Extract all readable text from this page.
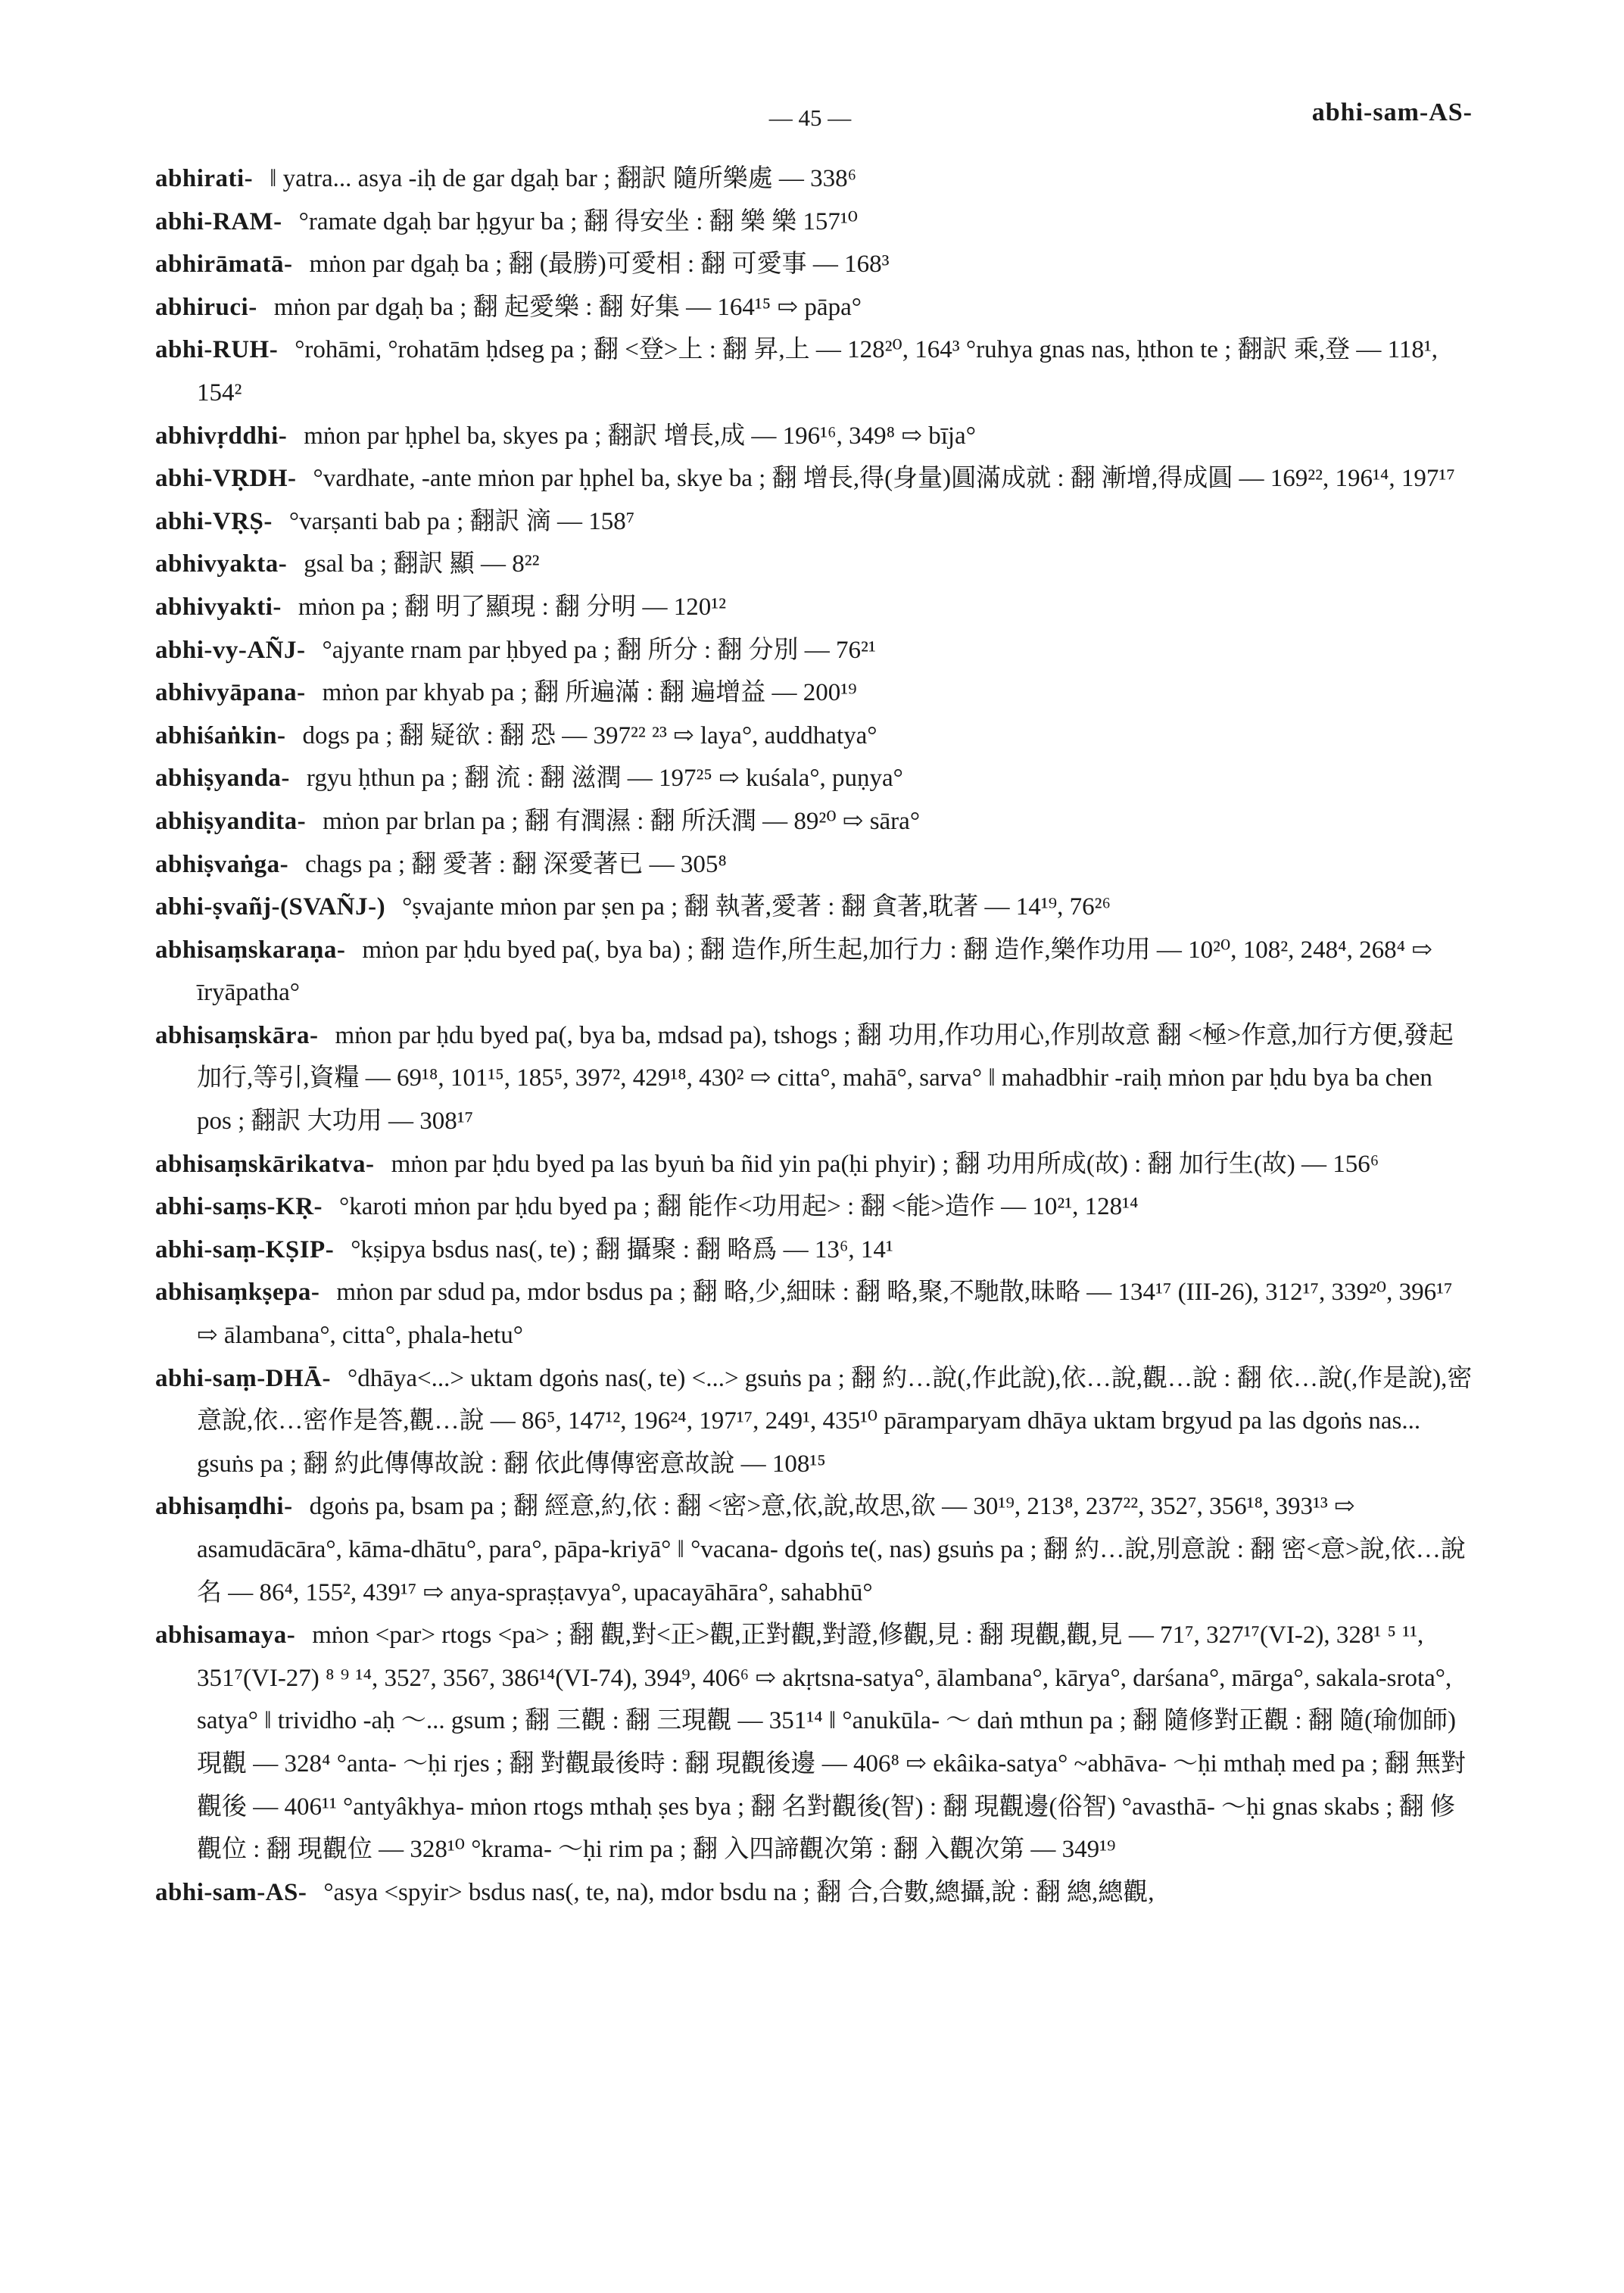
— 45 —	abhi-sam-AS-

abhirati- ‖ yatra... asya -iḥ de gar dgaḥ bar ; 翻訳 隨所樂處 — 338⁶

abhi-RAM- °ramate dgaḥ bar ḥgyur ba ; 翻 得安坐 : 翻 樂 樂 157¹⁰

abhirāmatā- mṅon par dgaḥ ba ; 翻 (最勝)可愛相 : 翻 可愛事 — 168³

abhiruci- mṅon par dgaḥ ba ; 翻 起愛樂 : 翻 好集 — 164¹⁵ ⇨ pāpa°

abhi-RUH- °rohāmi, °rohatām ḥdseg pa ; 翻 <登>上 : 翻 昇,上 — 128²⁰, 164³ °ruhya gnas nas, ḥthon te ; 翻訳 乘,登 — 118¹, 154²

abhivṛddhi- mṅon par ḥphel ba, skyes pa ; 翻訳 增長,成 — 196¹⁶, 349⁸ ⇨ bīja°

abhi-VṚDH- °vardhate, -ante mṅon par ḥphel ba, skye ba ; 翻 增長,得(身量)圓滿成就 : 翻 漸增,得成圓 — 169²², 196¹⁴, 197¹⁷

abhi-VṚṢ- °varṣanti bab pa ; 翻訳 滴 — 158⁷

abhivyakta- gsal ba ; 翻訳 顯 — 8²²

abhivyakti- mṅon pa ; 翻 明了顯現 : 翻 分明 — 120¹²

abhi-vy-AÑJ- °ajyante rnam par ḥbyed pa ; 翻 所分 : 翻 分別 — 76²¹

abhivyāpana- mṅon par khyab pa ; 翻 所遍滿 : 翻 遍增益 — 200¹⁹

abhiśaṅkin- dogs pa ; 翻 疑欲 : 翻 恐 — 397²² ²³ ⇨ laya°, auddhatya°

abhiṣyanda- rgyu ḥthun pa ; 翻 流 : 翻 滋潤 — 197²⁵ ⇨ kuśala°, puṇya°

abhiṣyandita- mṅon par brlan pa ; 翻 有潤濕 : 翻 所沃潤 — 89²⁰ ⇨ sāra°

abhiṣvaṅga- chags pa ; 翻 愛著 : 翻 深愛著已 — 305⁸

abhi-ṣvañj-(SVAÑJ-) °ṣvajante mṅon par ṣen pa ; 翻 執著,愛著 : 翻 貪著,耽著 — 14¹⁹, 76²⁶

abhisaṃskaraṇa- mṅon par ḥdu byed pa(, bya ba) ; 翻 造作,所生起,加行力 : 翻 造作,樂作功用 — 10²⁰, 108², 248⁴, 268⁴ ⇨ īryāpatha°

abhisaṃskāra- mṅon par ḥdu byed pa(, bya ba, mdsad pa), tshogs ; 翻 功用,作功用心,作別故意 翻 <極>作意,加行方便,發起加行,等引,資糧 — 69¹⁸, 101¹⁵, 185⁵, 397², 429¹⁸, 430² ⇨ citta°, mahā°, sarva° ‖ mahadbhir -raiḥ mṅon par ḥdu bya ba chen pos ; 翻訳 大功用 — 308¹⁷

abhisaṃskārikatva- mṅon par ḥdu byed pa las byuṅ ba ñid yin pa(ḥi phyir) ; 翻 功用所成(故) : 翻 加行生(故) — 156⁶

abhi-saṃs-KṚ- °karoti mṅon par ḥdu byed pa ; 翻 能作<功用起> : 翻 <能>造作 — 10²¹, 128¹⁴

abhi-saṃ-KṢIP- °kṣipya bsdus nas(, te) ; 翻 攝聚 : 翻 略爲 — 13⁶, 14¹

abhisaṃkṣepa- mṅon par sdud pa, mdor bsdus pa ; 翻 略,少,細昧 : 翻 略,聚,不馳散,昧略 — 134¹⁷ (III-26), 312¹⁷, 339²⁰, 396¹⁷ ⇨ ālambana°, citta°, phala-hetu°

abhi-saṃ-DHĀ- °dhāya<...> uktam dgoṅs nas(, te) <...> gsuṅs pa ; 翻 約…說(,作此說),依…說,觀…說 : 翻 依…說(,作是說),密意說,依…密作是答,觀…說 — 86⁵, 147¹², 196²⁴, 197¹⁷, 249¹, 435¹⁰ pāramparyam dhāya uktam brgyud pa las dgoṅs nas... gsuṅs pa ; 翻 約此傳傳故說 : 翻 依此傳傳密意故說 — 108¹⁵

abhisaṃdhi- dgoṅs pa, bsam pa ; 翻 經意,約,依 : 翻 <密>意,依,說,故思,欲 — 30¹⁹, 213⁸, 237²², 352⁷, 356¹⁸, 393¹³ ⇨ asamudācāra°, kāma-dhātu°, para°, pāpa-kriyā° ‖ °vacana- dgoṅs te(, nas) gsuṅs pa ; 翻 約…說,別意說 : 翻 密<意>說,依…說名 — 86⁴, 155², 439¹⁷ ⇨ anya-spraṣṭavya°, upacayāhāra°, sahabhū°

abhisamaya- mṅon <par> rtogs <pa> ; 翻 觀,對<正>觀,正對觀,對證,修觀,見 : 翻 現觀,觀,見 — 71⁷, 327¹⁷(VI-2), 328¹ ⁵ ¹¹, 351⁷(VI-27) ⁸ ⁹ ¹⁴, 352⁷, 356⁷, 386¹⁴(VI-74), 394⁹, 406⁶ ⇨ akṛtsna-satya°, ālambana°, kārya°, darśana°, mārga°, sakala-srota°, satya° ‖ trividho -aḥ ～... gsum ; 翻 三觀 : 翻 三現觀 — 351¹⁴ ‖ °anukūla- ～ daṅ mthun pa ; 翻 隨修對正觀 : 翻 隨(瑜伽師)現觀 — 328⁴ °anta- ～ḥi rjes ; 翻 對觀最後時 : 翻 現觀後邊 — 406⁸ ⇨ ekâika-satya° ~abhāva- ～ḥi mthaḥ med pa ; 翻 無對觀後 — 406¹¹ °antyâkhya- mṅon rtogs mthaḥ ṣes bya ; 翻 名對觀後(智) : 翻 現觀邊(俗智) °avasthā- ～ḥi gnas skabs ; 翻 修觀位 : 翻 現觀位 — 328¹⁰ °krama- ～ḥi rim pa ; 翻 入四諦觀次第 : 翻 入觀次第 — 349¹⁹

abhi-sam-AS- °asya <spyir> bsdus nas(, te, na), mdor bsdu na ; 翻 合,合數,總攝,說 : 翻 總,總觀,
